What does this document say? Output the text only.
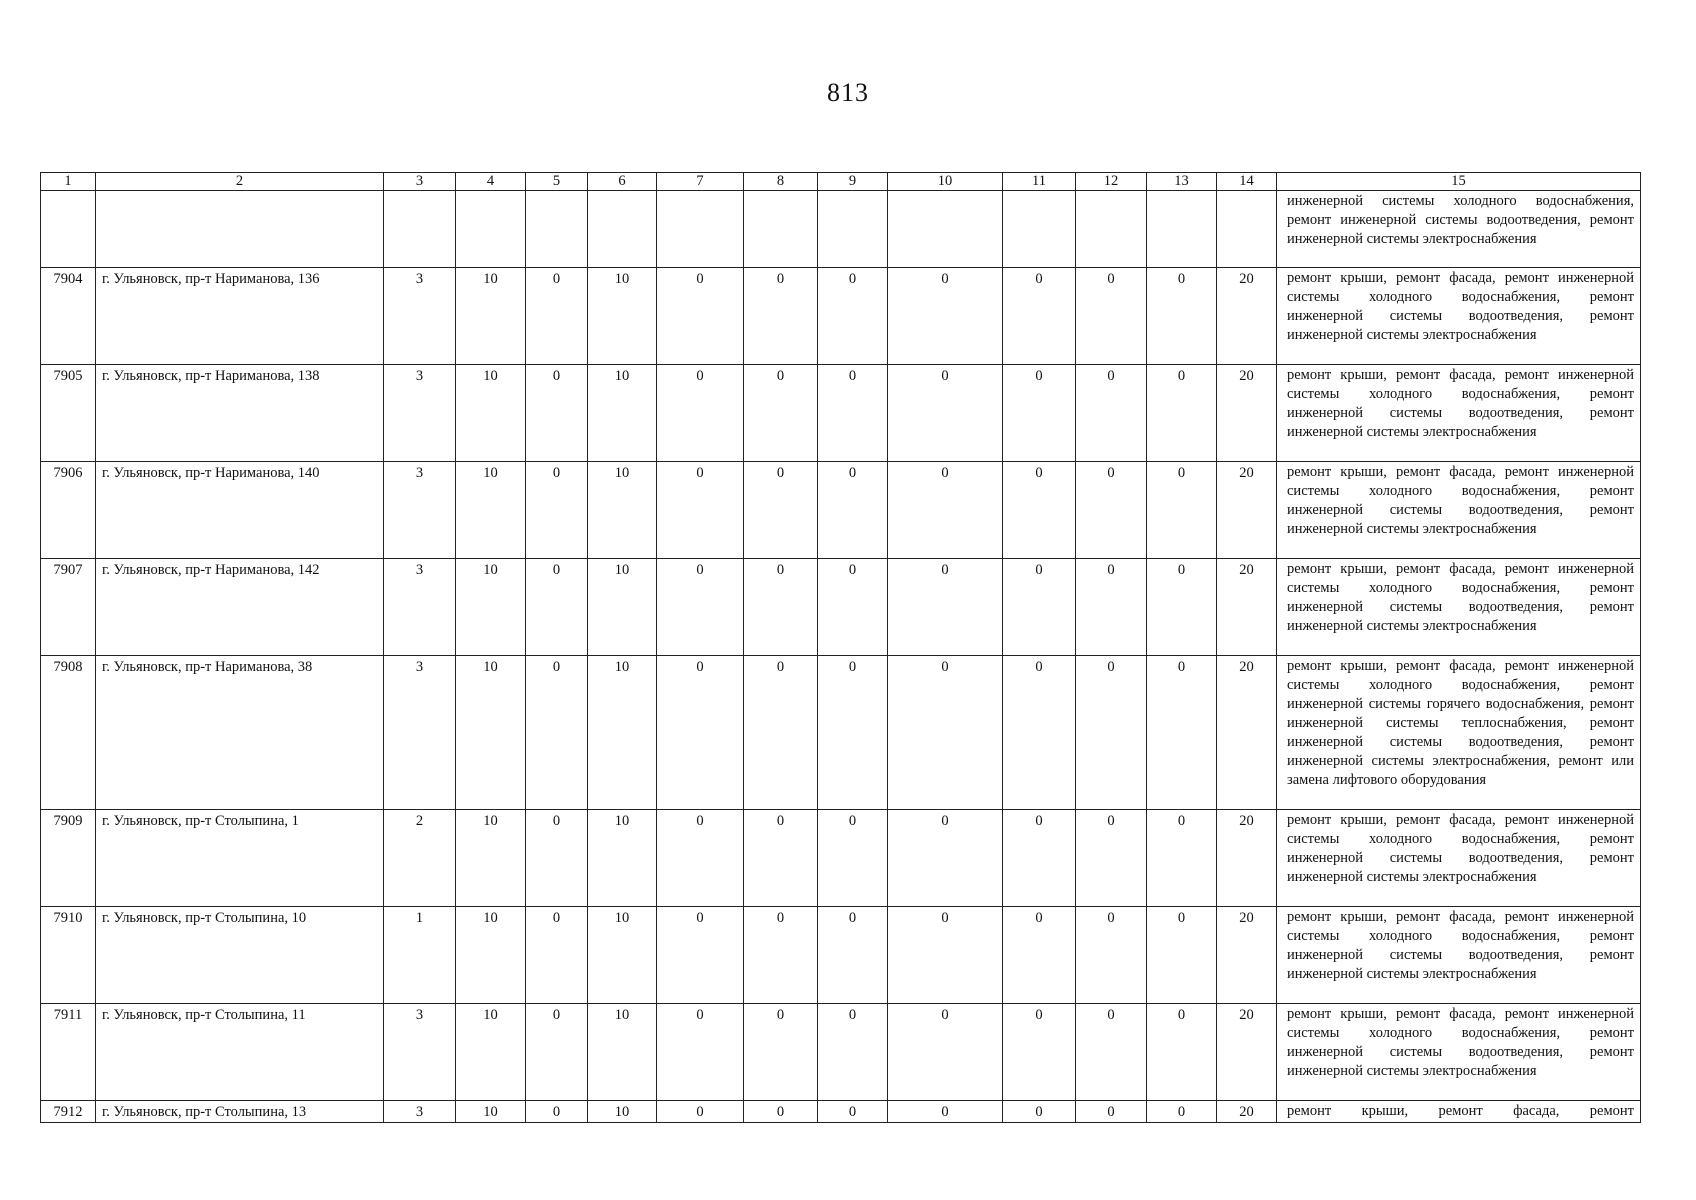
813
1	2	3	4	5	6	7	8	9	10	11	12	13	14	15
														инженерной системы холодного водоснабжения, ремонт инженерной системы водоотведения, ремонт инженерной системы электроснабжения
7904	г. Ульяновск, пр-т Нариманова, 136	3	10	0	10	0	0	0	0	0	0	0	20	ремонт крыши, ремонт фасада, ремонт инженерной системы холодного водоснабжения, ремонт инженерной системы водоотведения, ремонт инженерной системы электроснабжения
7905	г. Ульяновск, пр-т Нариманова, 138	3	10	0	10	0	0	0	0	0	0	0	20	ремонт крыши, ремонт фасада, ремонт инженерной системы холодного водоснабжения, ремонт инженерной системы водоотведения, ремонт инженерной системы электроснабжения
7906	г. Ульяновск, пр-т Нариманова, 140	3	10	0	10	0	0	0	0	0	0	0	20	ремонт крыши, ремонт фасада, ремонт инженерной системы холодного водоснабжения, ремонт инженерной системы водоотведения, ремонт инженерной системы электроснабжения
7907	г. Ульяновск, пр-т Нариманова, 142	3	10	0	10	0	0	0	0	0	0	0	20	ремонт крыши, ремонт фасада, ремонт инженерной системы холодного водоснабжения, ремонт инженерной системы водоотведения, ремонт инженерной системы электроснабжения
7908	г. Ульяновск, пр-т Нариманова, 38	3	10	0	10	0	0	0	0	0	0	0	20	ремонт крыши, ремонт фасада, ремонт инженерной системы холодного водоснабжения, ремонт инженерной системы горячего водоснабжения, ремонт инженерной системы теплоснабжения, ремонт инженерной системы водоотведения, ремонт инженерной системы электроснабжения, ремонт или замена лифтового оборудования
7909	г. Ульяновск, пр-т Столыпина, 1	2	10	0	10	0	0	0	0	0	0	0	20	ремонт крыши, ремонт фасада, ремонт инженерной системы холодного водоснабжения, ремонт инженерной системы водоотведения, ремонт инженерной системы электроснабжения
7910	г. Ульяновск, пр-т Столыпина, 10	1	10	0	10	0	0	0	0	0	0	0	20	ремонт крыши, ремонт фасада, ремонт инженерной системы холодного водоснабжения, ремонт инженерной системы водоотведения, ремонт инженерной системы электроснабжения
7911	г. Ульяновск, пр-т Столыпина, 11	3	10	0	10	0	0	0	0	0	0	0	20	ремонт крыши, ремонт фасада, ремонт инженерной системы холодного водоснабжения, ремонт инженерной системы водоотведения, ремонт инженерной системы электроснабжения
7912	г. Ульяновск, пр-т Столыпина, 13	3	10	0	10	0	0	0	0	0	0	0	20	ремонт крыши, ремонт фасада, ремонт
